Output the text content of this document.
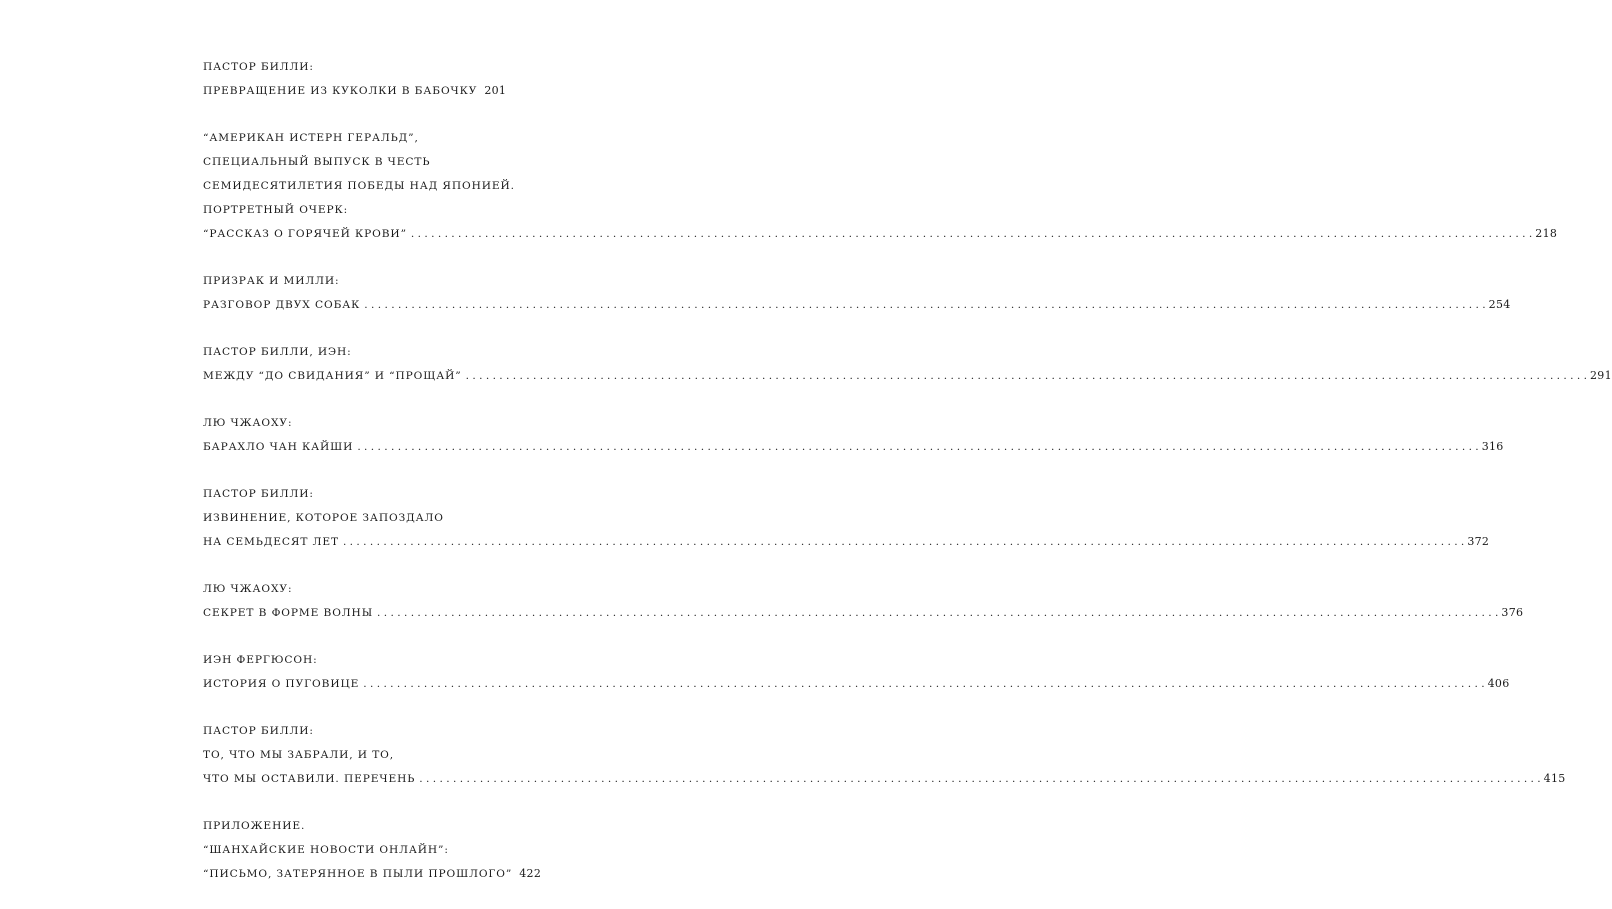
ПАСТОР БИЛЛИ:
ПРЕВРАЩЕНИЕ ИЗ КУКОЛКИ В БАБОЧКУ 201
“АМЕРИКАН ИСТЕРН ГЕРАЛЬД”,
СПЕЦИАЛЬНЫЙ ВЫПУСК В ЧЕСТЬ
СЕМИДЕСЯТИЛЕТИЯ ПОБЕДЫ НАД ЯПОНИЕЙ.
ПОРТРЕТНЫЙ ОЧЕРК:
“РАССКАЗ О ГОРЯЧЕЙ КРОВИ” . . .	218
ПРИЗРАК И МИЛЛИ:
РАЗГОВОР ДВУХ СОБАК . . .	254
ПАСТОР БИЛЛИ, ИЭН:
МЕЖДУ “ДО СВИДАНИЯ” И “ПРОЩАЙ” . . .	291
ЛЮ ЧЖАОХУ:
БАРАХЛО ЧАН КАЙШИ . . .	316
ПАСТОР БИЛЛИ:
ИЗВИНЕНИЕ, КОТОРОЕ ЗАПОЗДАЛО
НА СЕМЬДЕСЯТ ЛЕТ . . .	372
ЛЮ ЧЖАОХУ:
СЕКРЕТ В ФОРМЕ ВОЛНЫ . . .	376
ИЭН ФЕРГЮСОН:
ИСТОРИЯ О ПУГОВИЦЕ . . .	406
ПАСТОР БИЛЛИ:
ТО, ЧТО МЫ ЗАБРАЛИ, И ТО,
ЧТО МЫ ОСТАВИЛИ. ПЕРЕЧЕНЬ . . .	415
ПРИЛОЖЕНИЕ.
“ШАНХАЙСКИЕ НОВОСТИ ОНЛАЙН”:
“ПИСЬМО, ЗАТЕРЯННОЕ В ПЫЛИ ПРОШЛОГО” 422
